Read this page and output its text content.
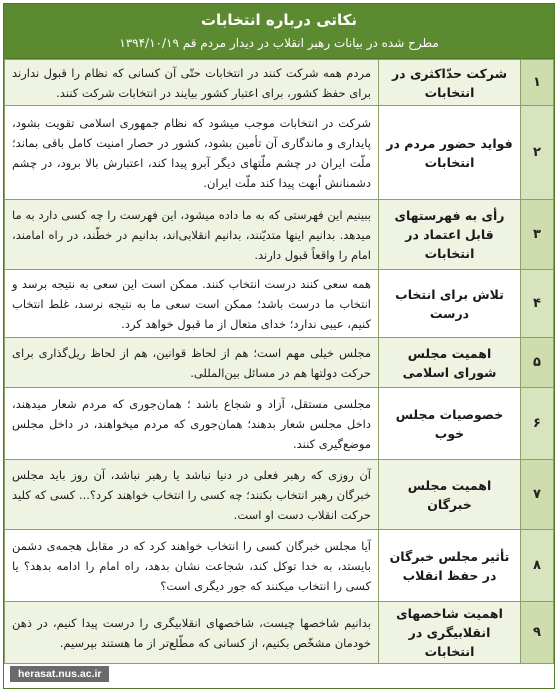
نکاتی درباره انتخابات
مطرح شده در بیانات رهبر انقلاب در دیدار مردم قم ۱۳۹۴/۱۰/۱۹
۱	شرکت حدّاکثری در انتخابات	مردم همه شرکت کنند در انتخابات حتّی آن کسانی که نظام را قبول ندارند برای حفظ کشور، برای اعتبار کشور بیایند در انتخابات شرکت کنند.
۲	فواید حضور مردم در انتخابات	شرکت در انتخابات موجب میشود که نظام جمهوری اسلامی تقویت بشود، پایداری و ماندگاری آن تأمین بشود، کشور در حصار امنیت کامل باقی بماند؛ ملّت ایران در چشم ملّتهای دیگر آبرو پیدا کند، اعتبارش بالا برود، در چشم دشمنانش اُبهت پیدا کند ملّت ایران.
۳	رأی به فهرستهای قابل اعتماد در انتخابات	ببینیم این فهرستی که به ما داده میشود، این فهرست را چه کسی دارد به ما میدهد. بدانیم اینها متدیّنند، بدانیم انقلابی‌اند، بدانیم در خطّند، در راه امامند، امام را واقعاً قبول دارند.
۴	تلاش برای انتخاب درست	همه سعی کنند درست انتخاب کنند. ممکن است این سعی به نتیجه برسد و انتخاب ما درست باشد؛ ممکن است سعی ما به نتیجه نرسد، غلط انتخاب کنیم، عیبی ندارد؛ خدای متعال از ما قبول خواهد کرد.
۵	اهمیت مجلس شورای اسلامی	مجلس خیلی مهم است؛ هم از لحاظ قوانین، هم از لحاظ ریل‌گذاری برای حرکت دولتها هم در مسائل بین‌المللی.
۶	خصوصیات مجلس خوب	مجلسی مستقل، آزاد و شجاع باشد ؛ همان‌جوری که مردم شعار میدهند، داخل مجلس شعار بدهند؛ همان‌جوری که مردم میخواهند، در داخل مجلس موضع‌گیری کنند.
۷	اهمیت مجلس خبرگان	آن روزی که رهبر فعلی در دنیا نباشد یا رهبر نباشد، آن روز باید مجلس خبرگان رهبر انتخاب بکنند؛ چه کسی را انتخاب خواهند کرد؟... کسی که کلید حرکت انقلاب دست او است.
۸	تأثیر مجلس خبرگان در حفظ انقلاب	آیا مجلس خبرگان کسی را انتخاب خواهند کرد که در مقابل هجمه‌ی دشمن بایستد، به خدا توکل کند، شجاعت نشان بدهد، راه امام را ادامه بدهد؟ یا کسی را انتخاب میکنند که جور دیگری است؟
۹	اهمیت شاخصهای انقلابیگری در انتخابات	بدانیم شاخصها چیست، شاخصهای انقلابیگری را درست پیدا کنیم، در ذهن خودمان مشخّص بکنیم، از کسانی که مطّلع‌تر از ما هستند بپرسیم.
herasat.nus.ac.ir
